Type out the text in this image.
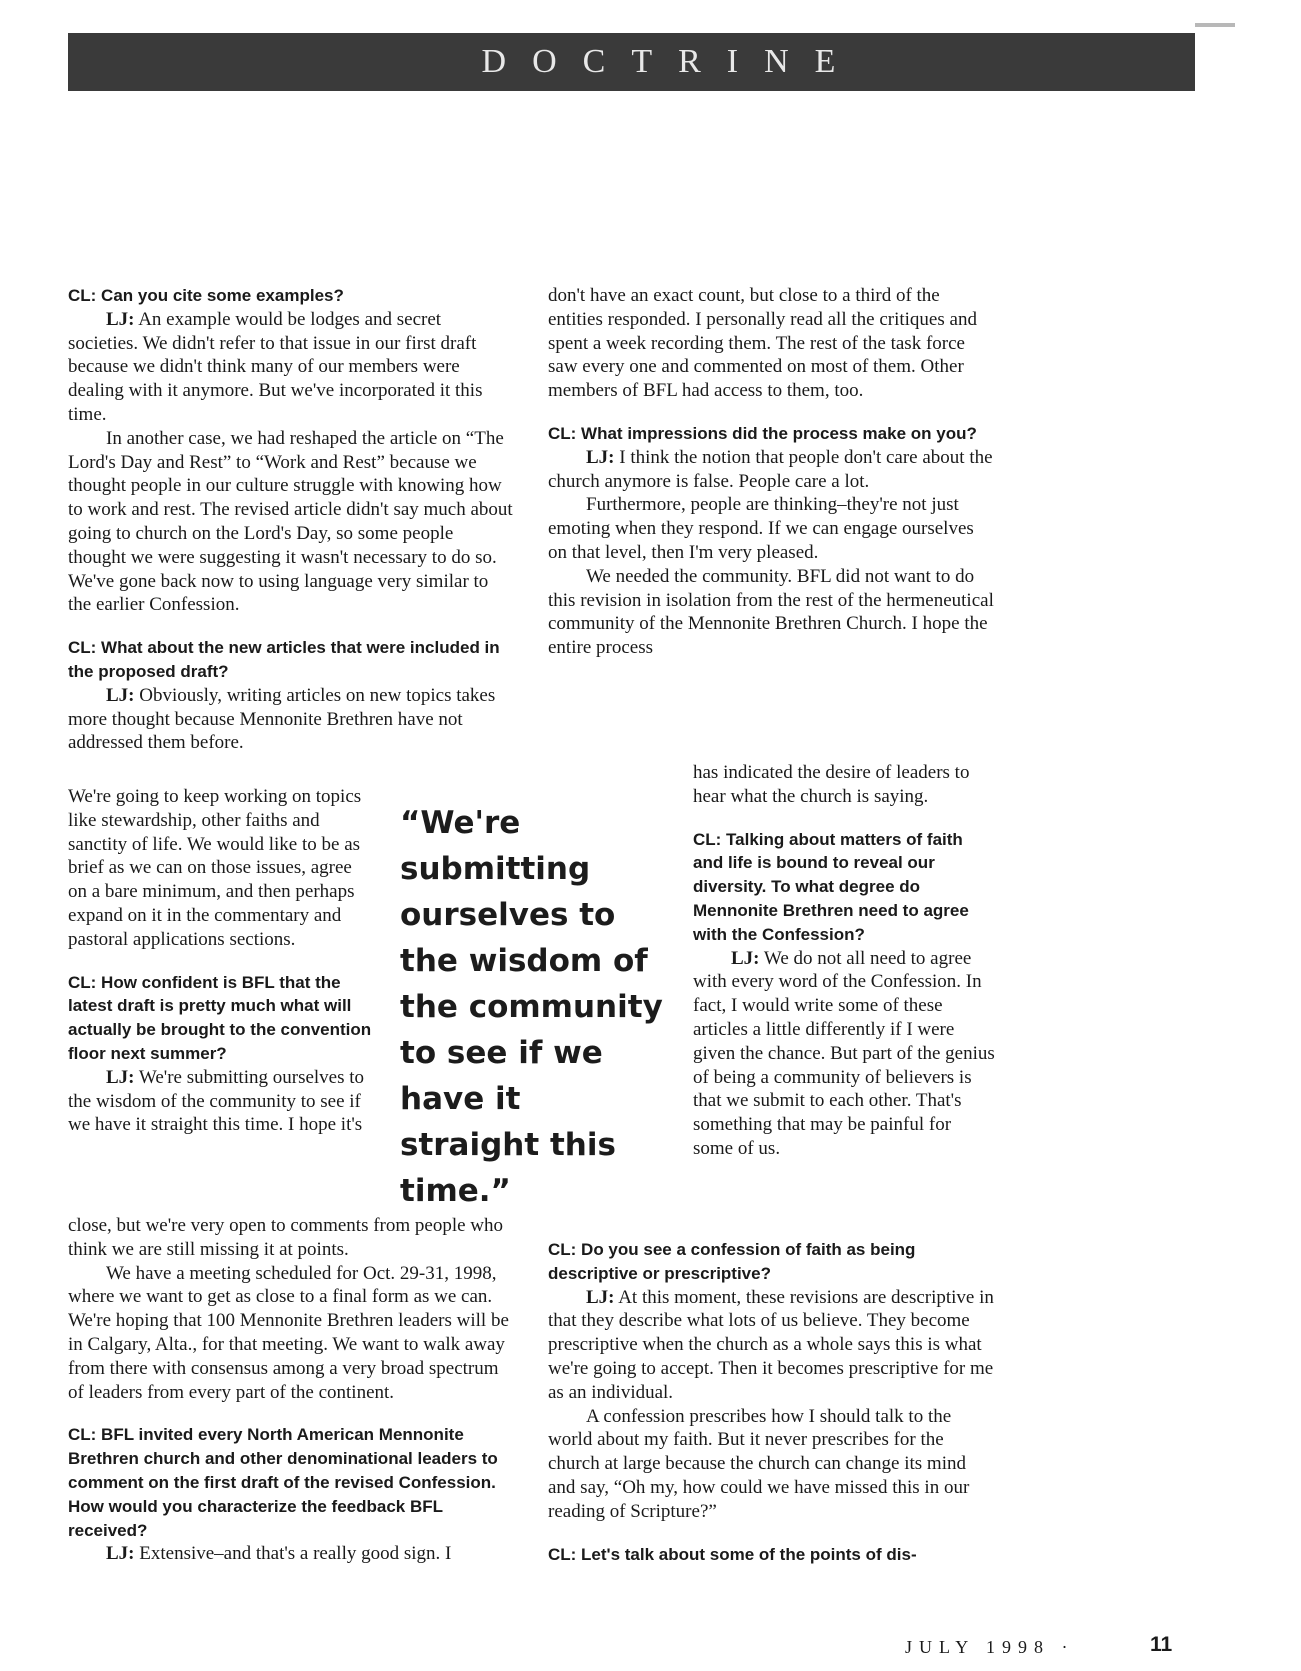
DOCTRINE

CL: Can you cite some examples?

LJ: An example would be lodges and secret societies. We didn't refer to that issue in our first draft because we didn't think many of our members were dealing with it anymore. But we've incorporated it this time.

In another case, we had reshaped the article on “The Lord's Day and Rest” to “Work and Rest” because we thought people in our culture struggle with knowing how to work and rest. The revised article didn't say much about going to church on the Lord's Day, so some people thought we were suggesting it wasn't necessary to do so. We've gone back now to using language very similar to the earlier Confession.

CL: What about the new articles that were included in the proposed draft?

LJ: Obviously, writing articles on new topics takes more thought because Mennonite Brethren have not addressed them before.

We're going to keep working on topics like stewardship, other faiths and sanctity of life. We would like to be as brief as we can on those issues, agree on a bare minimum, and then perhaps expand on it in the commentary and pastoral applications sections.

CL: How confident is BFL that the latest draft is pretty much what will actually be brought to the convention floor next summer?

LJ: We're submitting ourselves to the wisdom of the community to see if we have it straight this time. I hope it's

close, but we're very open to comments from people who think we are still missing it at points.

We have a meeting scheduled for Oct. 29-31, 1998, where we want to get as close to a final form as we can. We're hoping that 100 Mennonite Brethren leaders will be in Calgary, Alta., for that meeting. We want to walk away from there with consensus among a very broad spectrum of leaders from every part of the continent.

CL: BFL invited every North American Mennonite Brethren church and other denominational leaders to comment on the first draft of the revised Confession. How would you characterize the feedback BFL received?

LJ: Extensive–and that's a really good sign. I

“We're submitting ourselves to the wisdom of the community to see if we have it straight this time.”

don't have an exact count, but close to a third of the entities responded. I personally read all the critiques and spent a week recording them. The rest of the task force saw every one and commented on most of them. Other members of BFL had access to them, too.

CL: What impressions did the process make on you?

LJ: I think the notion that people don't care about the church anymore is false. People care a lot.

Furthermore, people are thinking–they're not just emoting when they respond. If we can engage ourselves on that level, then I'm very pleased.

We needed the community. BFL did not want to do this revision in isolation from the rest of the hermeneutical community of the Mennonite Brethren Church. I hope the entire process

has indicated the desire of leaders to hear what the church is saying.

CL: Talking about matters of faith and life is bound to reveal our diversity. To what degree do Mennonite Brethren need to agree with the Confession?

LJ: We do not all need to agree with every word of the Confession. In fact, I would write some of these articles a little differently if I were given the chance. But part of the genius of being a community of believers is that we submit to each other. That's something that may be painful for some of us.

CL: Do you see a confession of faith as being descriptive or prescriptive?

LJ: At this moment, these revisions are descriptive in that they describe what lots of us believe. They become prescriptive when the church as a whole says this is what we're going to accept. Then it becomes prescriptive for me as an individual.

A confession prescribes how I should talk to the world about my faith. But it never prescribes for the church at large because the church can change its mind and say, “Oh my, how could we have missed this in our reading of Scripture?”

CL: Let's talk about some of the points of dis-

JULY 1998 ·	11
